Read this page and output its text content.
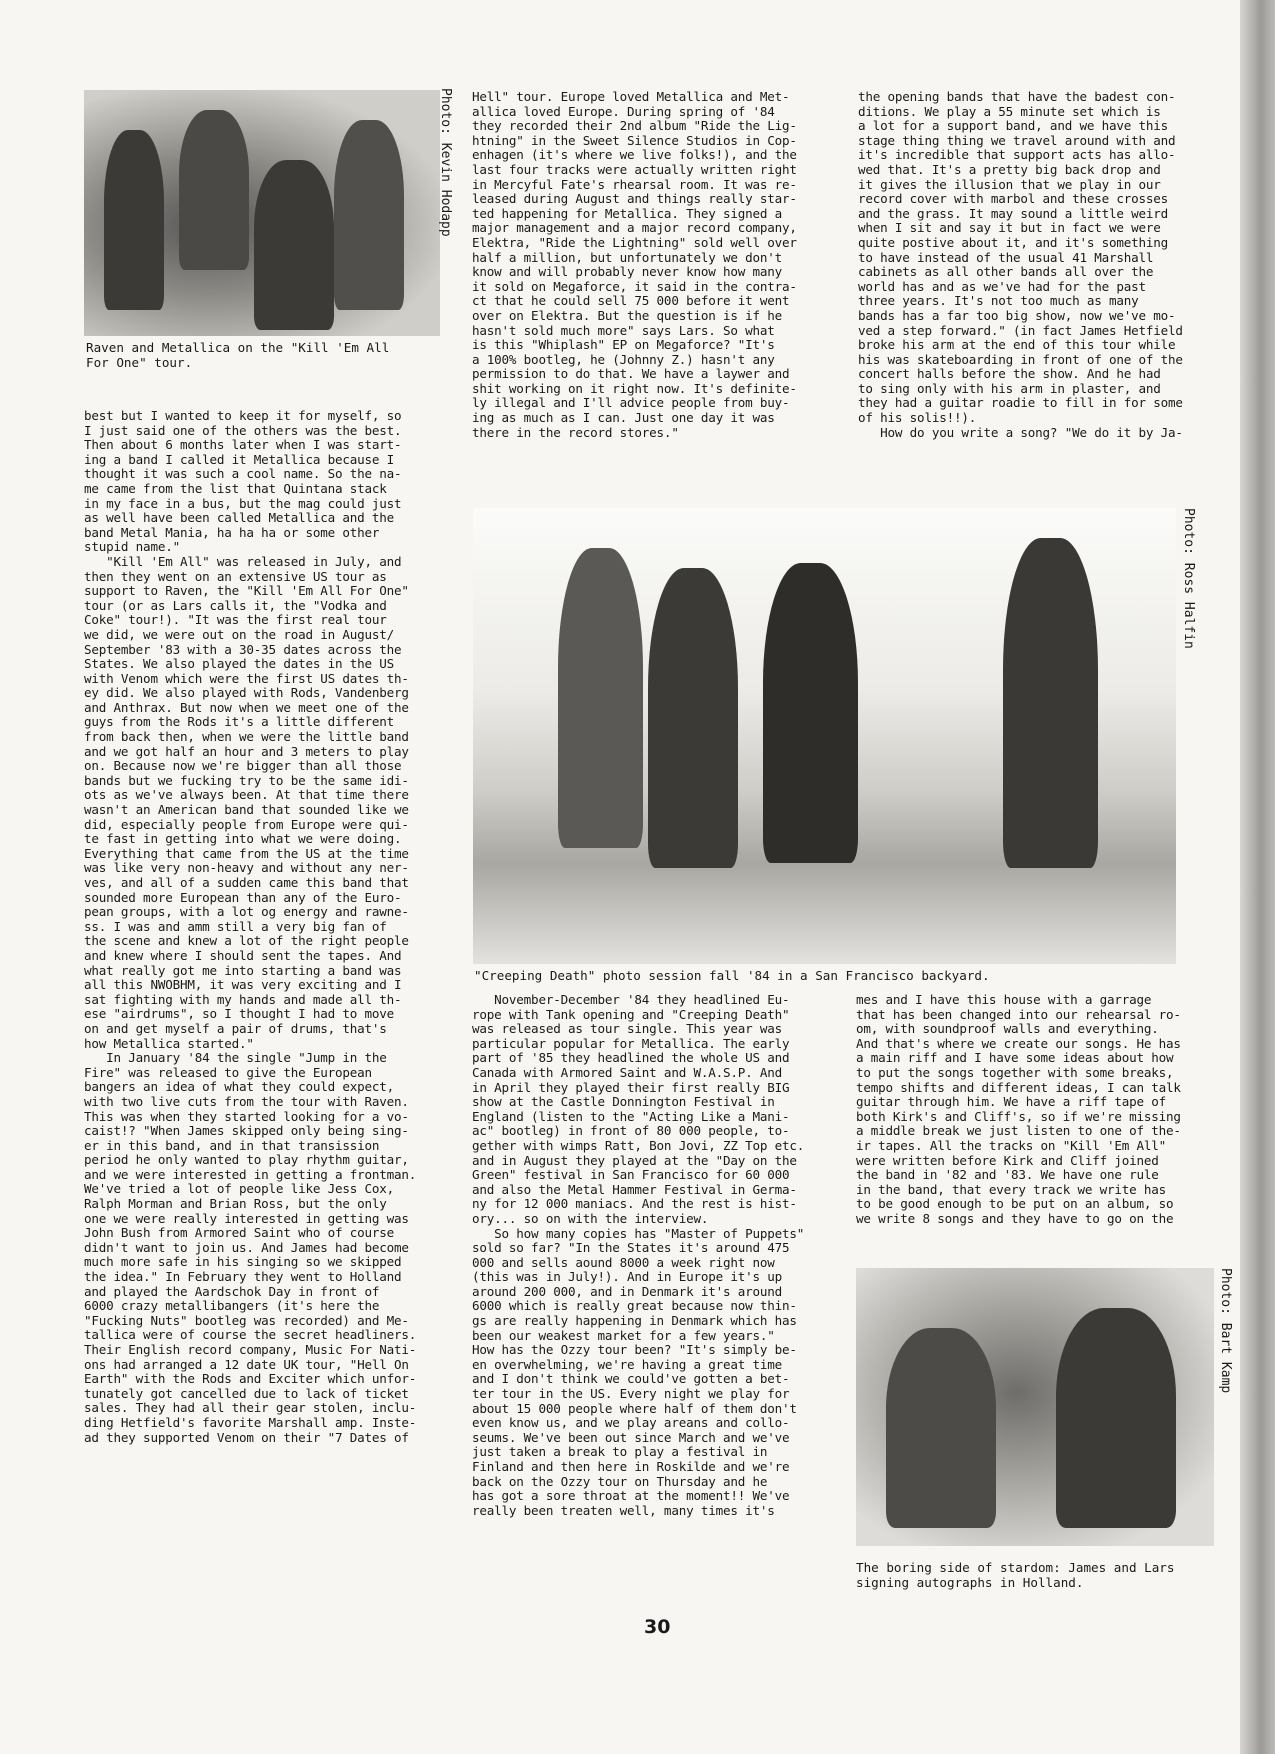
Photo: Kevin Hodapp
Raven and Metallica on the "Kill 'Em All
For One" tour.
best but I wanted to keep it for myself, so
I just said one of the others was the best.
Then about 6 months later when I was start-
ing a band I called it Metallica because I
thought it was such a cool name. So the na-
me came from the list that Quintana stack
in my face in a bus, but the mag could just
as well have been called Metallica and the
band Metal Mania, ha ha ha or some other
stupid name."
"Kill 'Em All" was released in July, and
then they went on an extensive US tour as
support to Raven, the "Kill 'Em All For One"
tour (or as Lars calls it, the "Vodka and
Coke" tour!). "It was the first real tour
we did, we were out on the road in August/
September '83 with a 30-35 dates across the
States. We also played the dates in the US
with Venom which were the first US dates th-
ey did. We also played with Rods, Vandenberg
and Anthrax. But now when we meet one of the
guys from the Rods it's a little different
from back then, when we were the little band
and we got half an hour and 3 meters to play
on. Because now we're bigger than all those
bands but we fucking try to be the same idi-
ots as we've always been. At that time there
wasn't an American band that sounded like we
did, especially people from Europe were qui-
te fast in getting into what we were doing.
Everything that came from the US at the time
was like very non-heavy and without any ner-
ves, and all of a sudden came this band that
sounded more European than any of the Euro-
pean groups, with a lot og energy and rawne-
ss. I was and amm still a very big fan of
the scene and knew a lot of the right people
and knew where I should sent the tapes. And
what really got me into starting a band was
all this NWOBHM, it was very exciting and I
sat fighting with my hands and made all th-
ese "airdrums", so I thought I had to move
on and get myself a pair of drums, that's
how Metallica started."
In January '84 the single "Jump in the
Fire" was released to give the European
bangers an idea of what they could expect,
with two live cuts from the tour with Raven.
This was when they started looking for a vo-
caist!? "When James skipped only being sing-
er in this band, and in that transission
period he only wanted to play rhythm guitar,
and we were interested in getting a frontman.
We've tried a lot of people like Jess Cox,
Ralph Morman and Brian Ross, but the only
one we were really interested in getting was
John Bush from Armored Saint who of course
didn't want to join us. And James had become
much more safe in his singing so we skipped
the idea." In February they went to Holland
and played the Aardschok Day in front of
6000 crazy metallibangers (it's here the
"Fucking Nuts" bootleg was recorded) and Me-
tallica were of course the secret headliners.
Their English record company, Music For Nati-
ons had arranged a 12 date UK tour, "Hell On
Earth" with the Rods and Exciter which unfor-
tunately got cancelled due to lack of ticket
sales. They had all their gear stolen, inclu-
ding Hetfield's favorite Marshall amp. Inste-
ad they supported Venom on their "7 Dates of
Hell" tour. Europe loved Metallica and Met-
allica loved Europe. During spring of '84
they recorded their 2nd album "Ride the Lig-
htning" in the Sweet Silence Studios in Cop-
enhagen (it's where we live folks!), and the
last four tracks were actually written right
in Mercyful Fate's rhearsal room. It was re-
leased during August and things really star-
ted happening for Metallica. They signed a
major management and a major record company,
Elektra, "Ride the Lightning" sold well over
half a million, but unfortunately we don't
know and will probably never know how many
it sold on Megaforce, it said in the contra-
ct that he could sell 75 000 before it went
over on Elektra. But the question is if he
hasn't sold much more" says Lars. So what
is this "Whiplash" EP on Megaforce? "It's
a 100% bootleg, he (Johnny Z.) hasn't any
permission to do that. We have a laywer and
shit working on it right now. It's definite-
ly illegal and I'll advice people from buy-
ing as much as I can. Just one day it was
there in the record stores."
the opening bands that have the badest con-
ditions. We play a 55 minute set which is
a lot for a support band, and we have this
stage thing thing we travel around with and
it's incredible that support acts has allo-
wed that. It's a pretty big back drop and
it gives the illusion that we play in our
record cover with marbol and these crosses
and the grass. It may sound a little weird
when I sit and say it but in fact we were
quite postive about it, and it's something
to have instead of the usual 41 Marshall
cabinets as all other bands all over the
world has and as we've had for the past
three years. It's not too much as many
bands has a far too big show, now we've mo-
ved a step forward." (in fact James Hetfield
broke his arm at the end of this tour while
his was skateboarding in front of one of the
concert halls before the show. And he had
to sing only with his arm in plaster, and
they had a guitar roadie to fill in for some
of his solis!!).
How do you write a song? "We do it by Ja-
Photo: Ross Halfin
"Creeping Death" photo session fall '84 in a San Francisco backyard.
November-December '84 they headlined Eu-
rope with Tank opening and "Creeping Death"
was released as tour single. This year was
particular popular for Metallica. The early
part of '85 they headlined the whole US and
Canada with Armored Saint and W.A.S.P. And
in April they played their first really BIG
show at the Castle Donnington Festival in
England (listen to the "Acting Like a Mani-
ac" bootleg) in front of 80 000 people, to-
gether with wimps Ratt, Bon Jovi, ZZ Top etc.
and in August they played at the "Day on the
Green" festival in San Francisco for 60 000
and also the Metal Hammer Festival in Germa-
ny for 12 000 maniacs. And the rest is hist-
ory... so on with the interview.
So how many copies has "Master of Puppets"
sold so far? "In the States it's around 475
000 and sells aound 8000 a week right now
(this was in July!). And in Europe it's up
around 200 000, and in Denmark it's around
6000 which is really great because now thin-
gs are really happening in Denmark which has
been our weakest market for a few years."
How has the Ozzy tour been? "It's simply be-
en overwhelming, we're having a great time
and I don't think we could've gotten a bet-
ter tour in the US. Every night we play for
about 15 000 people where half of them don't
even know us, and we play areans and collo-
seums. We've been out since March and we've
just taken a break to play a festival in
Finland and then here in Roskilde and we're
back on the Ozzy tour on Thursday and he
has got a sore throat at the moment!! We've
really been treaten well, many times it's
mes and I have this house with a garrage
that has been changed into our rehearsal ro-
om, with soundproof walls and everything.
And that's where we create our songs. He has
a main riff and I have some ideas about how
to put the songs together with some breaks,
tempo shifts and different ideas, I can talk
guitar through him. We have a riff tape of
both Kirk's and Cliff's, so if we're missing
a middle break we just listen to one of the-
ir tapes. All the tracks on "Kill 'Em All"
were written before Kirk and Cliff joined
the band in '82 and '83. We have one rule
in the band, that every track we write has
to be good enough to be put on an album, so
we write 8 songs and they have to go on the
Photo: Bart Kamp
The boring side of stardom: James and Lars
signing autographs in Holland.
30
